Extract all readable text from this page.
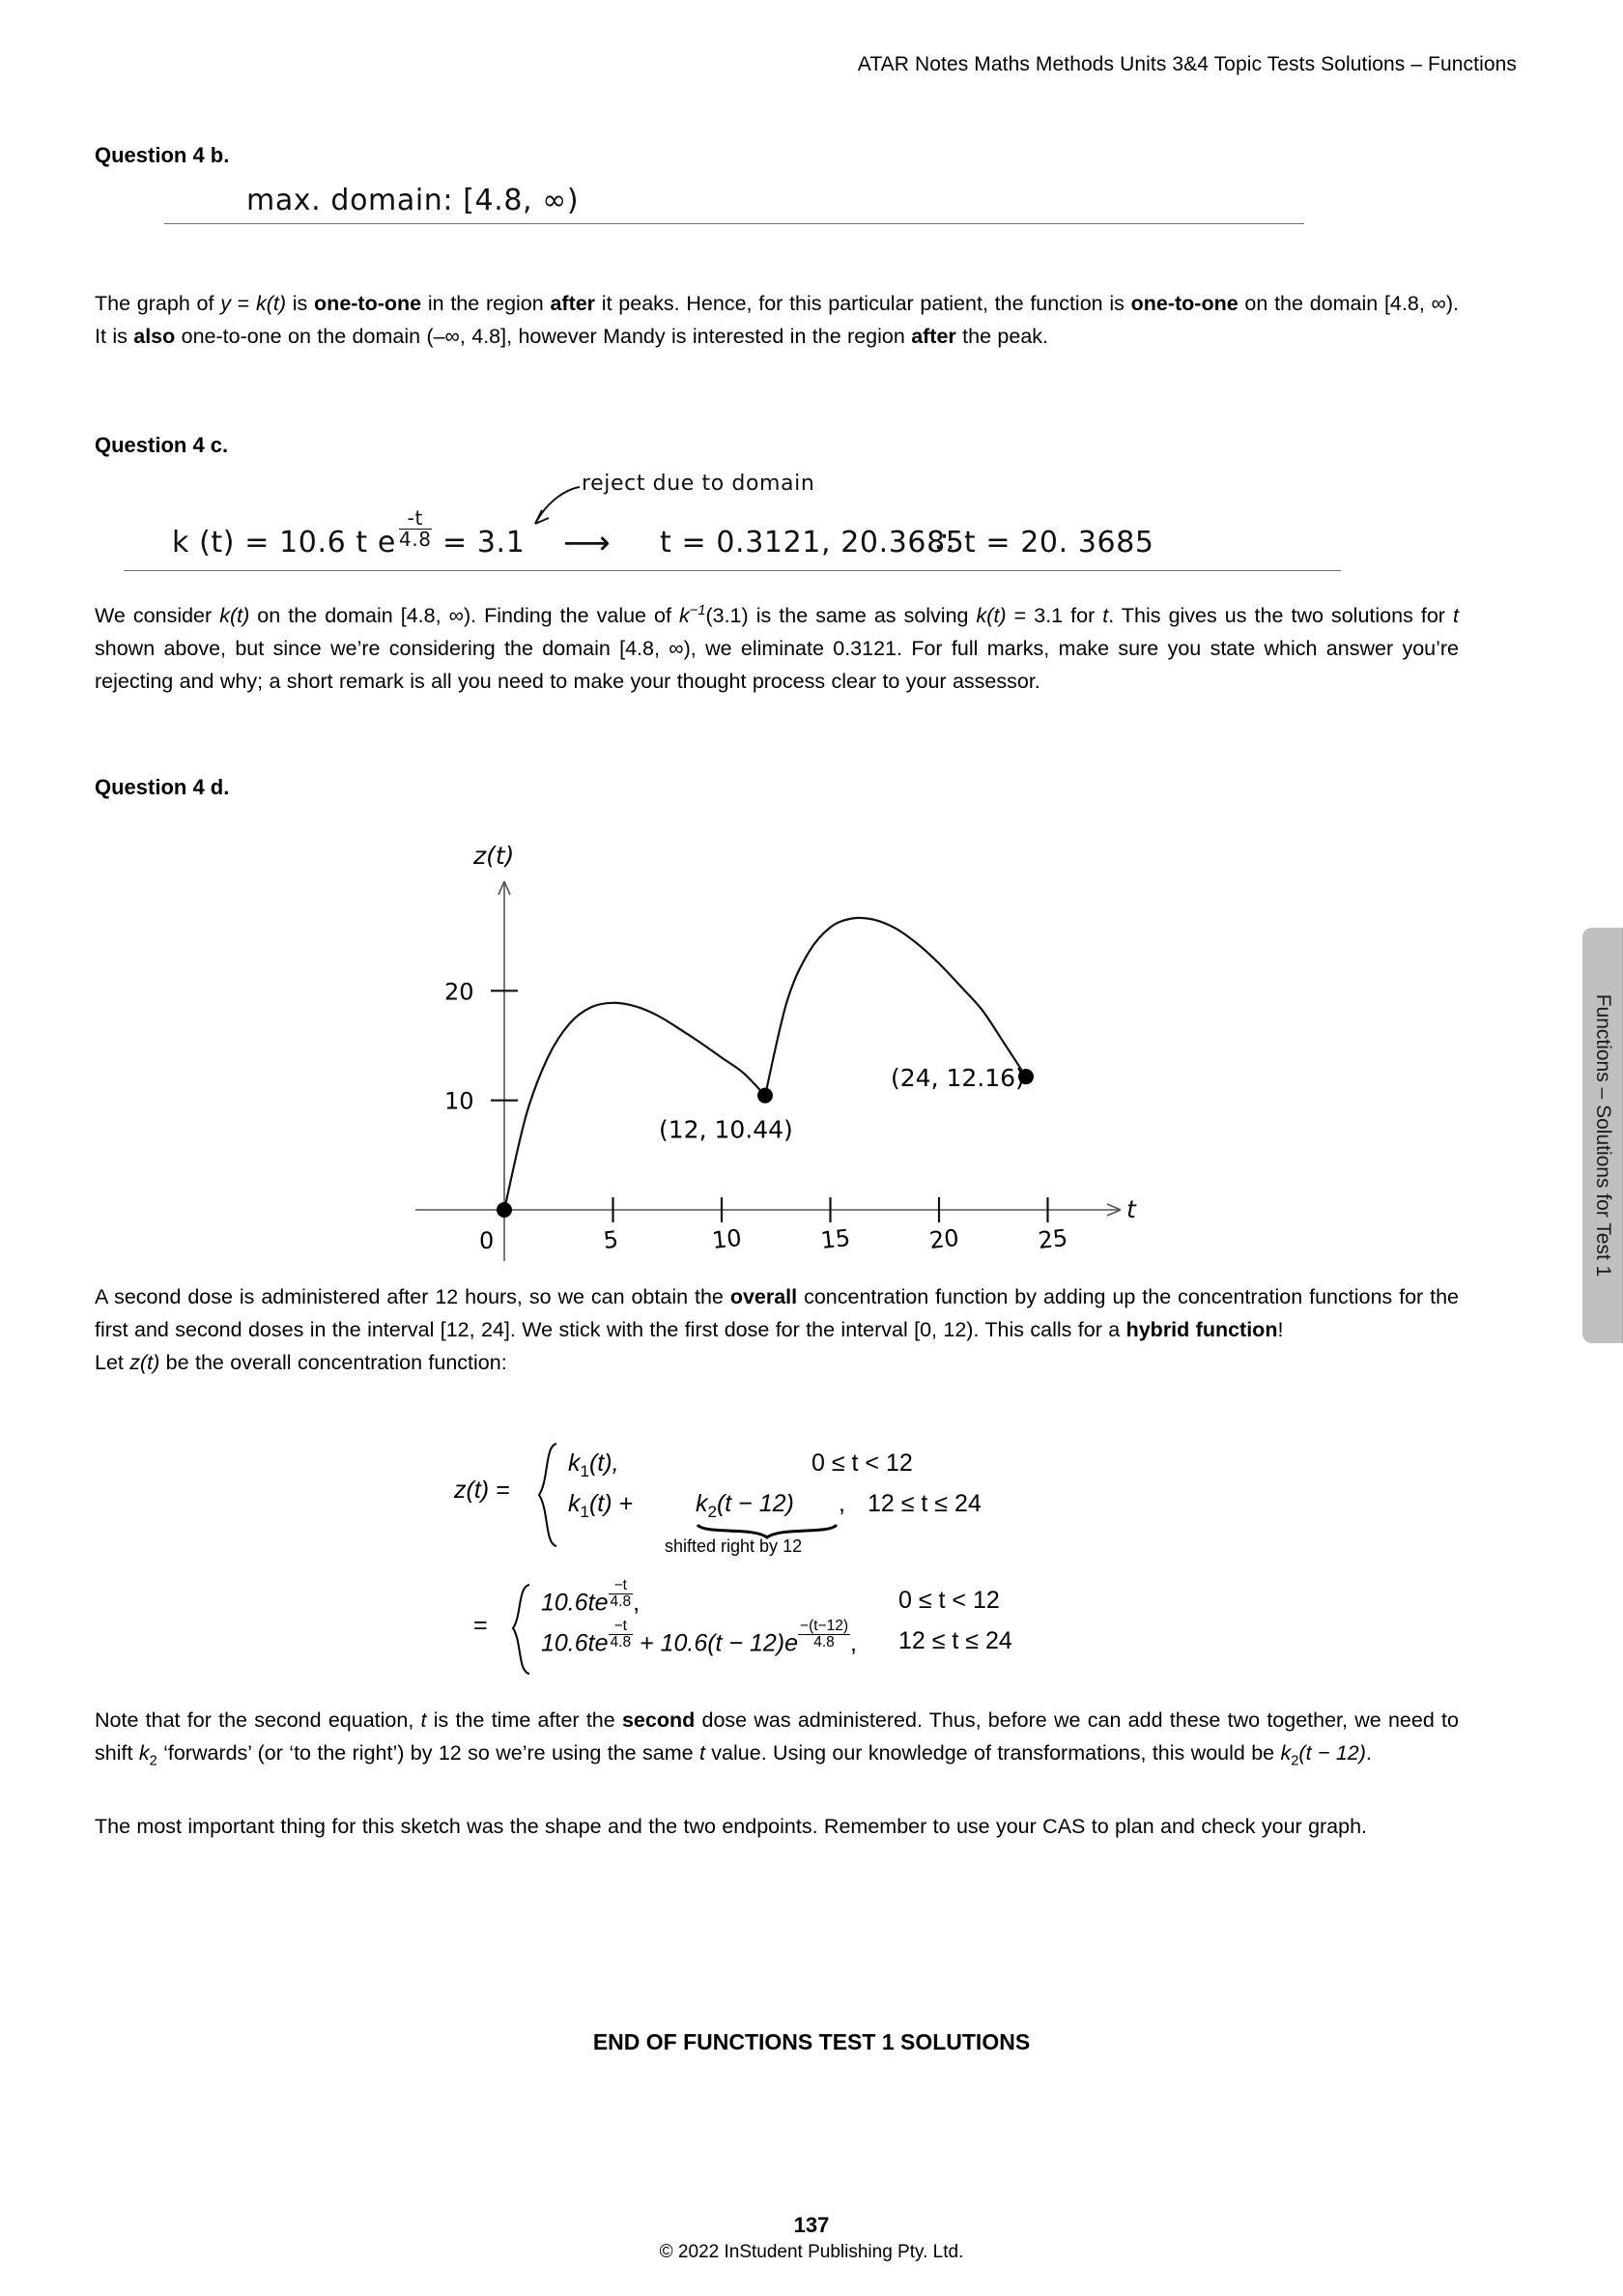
ATAR Notes Maths Methods Units 3&4 Topic Tests Solutions – Functions
Functions – Solutions for Test 1
Question 4 b.
max. domain: [4.8, ∞)

The graph of y = k(t) is one-to-one in the region after it peaks. Hence, for this particular patient, the function is one-to-one on the domain [4.8, ∞). It is also one-to-one on the domain (–∞, 4.8], however Mandy is interested in the region after the peak.

Question 4 c.
reject due to domain
k (t) = 10.6 t e $\frac{-t}{4.8} = 3.1$ ⟶ t = 0.3121, 20.3685
∴ t = 20. 3685

We consider k(t) on the domain [4.8, ∞). Finding the value of $k^{-1}(3.1)$ is the same as solving k(t) = 3.1 for t. This gives us the two solutions for t shown above, but since we’re considering the domain [4.8, ∞), we eliminate 0.3121. For full marks, make sure you state which answer you’re rejecting and why; a short remark is all you need to make your thought process clear to your assessor.

Question 4 d.
5	10	15	20	25
10
20
0
z(t)
t
(12, 10.44)
(24, 12.16)

A second dose is administered after 12 hours, so we can obtain the overall concentration function by adding up the concentration functions for the first and second doses in the interval [12, 24]. We stick with the first dose for the interval [0, 12). This calls for a hybrid function!

Let z(t) be the overall concentration function:

z(t) =
$k_1(t)$,	0 ≤ t < 12
$k_1(t)$ +	$k_2(t - 12)$ , 12 ≤ t ≤ 24
shifted right by 12
=
$10.6te \frac{-t}{4.8}$ ,	0 ≤ t < 12
$10.6te \frac{-t}{4.8} + 10.6(t - 12)e \frac{-(t-12)}{4.8}$ , 12 ≤ t ≤ 24

Note that for the second equation, t is the time after the second dose was administered. Thus, before we can add these two together, we need to shift $k_2$ ‘forwards’ (or ‘to the right’) by 12 so we’re using the same t value. Using our knowledge of transformations, this would be $k_2(t - 12)$.

The most important thing for this sketch was the shape and the two endpoints. Remember to use your CAS to plan and check your graph.

END OF FUNCTIONS TEST 1 SOLUTIONS
137
© 2022 InStudent Publishing Pty. Ltd.
